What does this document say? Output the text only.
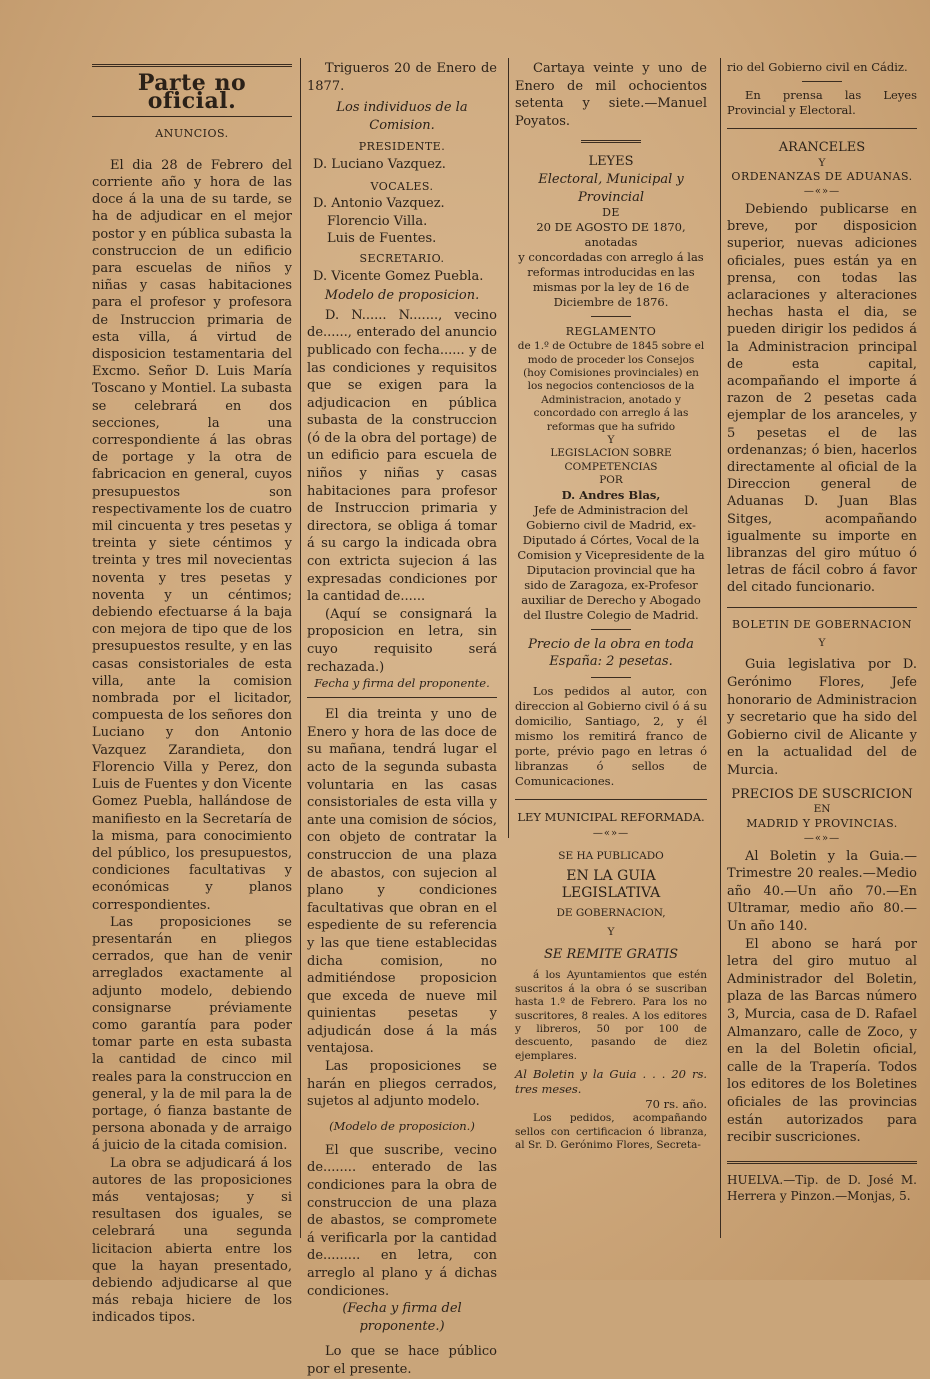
Parte no oficial.
ANUNCIOS.

El dia 28 de Febrero del corriente año y hora de las doce á la una de su tarde, se ha de adjudicar en el mejor postor y en pública subasta la construccion de un edificio para escuelas de niños y niñas y casas habitaciones para el profesor y profesora de Instruccion primaria de esta villa, á virtud de disposicion testamentaria del Excmo. Señor D. Luis María Toscano y Montiel. La subasta se celebrará en dos secciones, la una correspondiente á las obras de portage y la otra de fabricacion en general, cuyos presupuestos son respectivamente los de cuatro mil cincuenta y tres pesetas y treinta y siete céntimos y treinta y tres mil novecientas noventa y tres pesetas y noventa y un céntimos; debiendo efectuarse á la baja con mejora de tipo que de los presupuestos resulte, y en las casas consistoriales de esta villa, ante la comision nombrada por el licitador, compuesta de los señores don Luciano y don Antonio Vazquez Zarandieta, don Florencio Villa y Perez, don Luis de Fuentes y don Vicente Gomez Puebla, hallándose de manifiesto en la Secretaría de la misma, para conocimiento del público, los presupuestos, condiciones facultativas y económicas y planos correspondientes.

Las proposiciones se presentarán en pliegos cerrados, que han de venir arreglados exactamente al adjunto modelo, debiendo consignarse préviamente como garantía para poder tomar parte en esta subasta la cantidad de cinco mil reales para la construccion en general, y la de mil para la de portage, ó fianza bastante de persona abonada y de arraigo á juicio de la citada comision.

La obra se adjudicará á los autores de las proposiciones más ventajosas; y si resultasen dos iguales, se celebrará una segunda licitacion abierta entre los que la hayan presentado, debiendo adjudicarse al que más rebaja hiciere de los indicados tipos.

Trigueros 20 de Enero de 1877.

Los individuos de la Comision.

PRESIDENTE.

D. Luciano Vazquez.

VOCALES.

D. Antonio Vazquez.

Florencio Villa.

Luis de Fuentes.

SECRETARIO.

D. Vicente Gomez Puebla.

Modelo de proposicion.

D. N...... N......., vecino de......, enterado del anuncio publicado con fecha...... y de las condiciones y requisitos que se exigen para la adjudicacion en pública subasta de la construccion (ó de la obra del portage) de un edificio para escuela de niños y niñas y casas habitaciones para profesor de Instruccion primaria y directora, se obliga á tomar á su cargo la indicada obra con extricta sujecion á las expresadas condiciones por la cantidad de......

(Aquí se consignará la proposicion en letra, sin cuyo requisito será rechazada.)

Fecha y firma del proponente.

El dia treinta y uno de Enero y hora de las doce de su mañana, tendrá lugar el acto de la segunda subasta voluntaria en las casas consistoriales de esta villa y ante una comision de sócios, con objeto de contratar la construccion de una plaza de abastos, con sujecion al plano y condiciones facultativas que obran en el espediente de su referencia y las que tiene establecidas dicha comision, no admitiéndose proposicion que exceda de nueve mil quinientas pesetas y adjudicán dose á la más ventajosa.

Las proposiciones se harán en pliegos cerrados, sujetos al adjunto modelo.

(Modelo de proposicion.)

El que suscribe, vecino de........ enterado de las condiciones para la obra de construccion de una plaza de abastos, se compromete á verificarla por la cantidad de......... en letra, con arreglo al plano y á dichas condiciones.

(Fecha y firma del proponente.)

Lo que se hace público por el presente.

Cartaya veinte y uno de Enero de mil ochocientos setenta y siete.—Manuel Poyatos.

LEYES

Electoral, Municipal y Provincial

DE

20 DE AGOSTO DE 1870,

anotadas

y concordadas con arreglo á las reformas introducidas en las mismas por la ley de 16 de Diciembre de 1876.

REGLAMENTO

de 1.º de Octubre de 1845 sobre el modo de proceder los Consejos (hoy Comisiones provinciales) en los negocios contenciosos de la Administracion, anotado y concordado con arreglo á las reformas que ha sufrido

Y

LEGISLACION SOBRE COMPETENCIAS

POR

D. Andres Blas,

Jefe de Administracion del Gobierno civil de Madrid, ex-Diputado á Córtes, Vocal de la Comision y Vicepresidente de la Diputacion provincial que ha sido de Zaragoza, ex-Profesor auxiliar de Derecho y Abogado del Ilustre Colegio de Madrid.

Precio de la obra en toda España: 2 pesetas.

Los pedidos al autor, con direccion al Gobierno civil ó á su domicilio, Santiago, 2, y él mismo los remitirá franco de porte, prévio pago en letras ó libranzas ó sellos de Comunicaciones.

LEY MUNICIPAL REFORMADA.

—«»—

SE HA PUBLICADO

EN LA GUIA LEGISLATIVA

DE GOBERNACION,

Y

SE REMITE GRATIS

á los Ayuntamientos que estén suscritos á la obra ó se suscriban hasta 1.º de Febrero. Para los no suscritores, 8 reales. A los editores y libreros, 50 por 100 de descuento, pasando de diez ejemplares.

Al Boletin y la Guia . . . 20 rs. tres meses.

70 rs. año.

Los pedidos, acompañando sellos con certificacion ó libranza, al Sr. D. Gerónimo Flores, Secreta-

rio del Gobierno civil en Cádiz.

En prensa las Leyes Provincial y Electoral.

ARANCELES

Y

ORDENANZAS DE ADUANAS.

—«»—

Debiendo publicarse en breve, por disposicion superior, nuevas adiciones oficiales, pues están ya en prensa, con todas las aclaraciones y alteraciones hechas hasta el dia, se pueden dirigir los pedidos á la Administracion principal de esta capital, acompañando el importe á razon de 2 pesetas cada ejemplar de los aranceles, y 5 pesetas el de las ordenanzas; ó bien, hacerlos directamente al oficial de la Direccion general de Aduanas D. Juan Blas Sitges, acompañando igualmente su importe en libranzas del giro mútuo ó letras de fácil cobro á favor del citado funcionario.

BOLETIN DE GOBERNACION

Y

Guia legislativa por D. Gerónimo Flores, Jefe honorario de Administracion y secretario que ha sido del Gobierno civil de Alicante y en la actualidad del de Murcia.

PRECIOS DE SUSCRICION

EN

MADRID Y PROVINCIAS.

—«»—

Al Boletin y la Guia.—Trimestre 20 reales.—Medio año 40.—Un año 70.—En Ultramar, medio año 80.—Un año 140.

El abono se hará por letra del giro mutuo al Administrador del Boletin, plaza de las Barcas número 3, Murcia, casa de D. Rafael Almanzaro, calle de Zoco, y en la del Boletin oficial, calle de la Trapería. Todos los editores de los Boletines oficiales de las provincias están autorizados para recibir suscriciones.

HUELVA.—Tip. de D. José M. Herrera y Pinzon.—Monjas, 5.
